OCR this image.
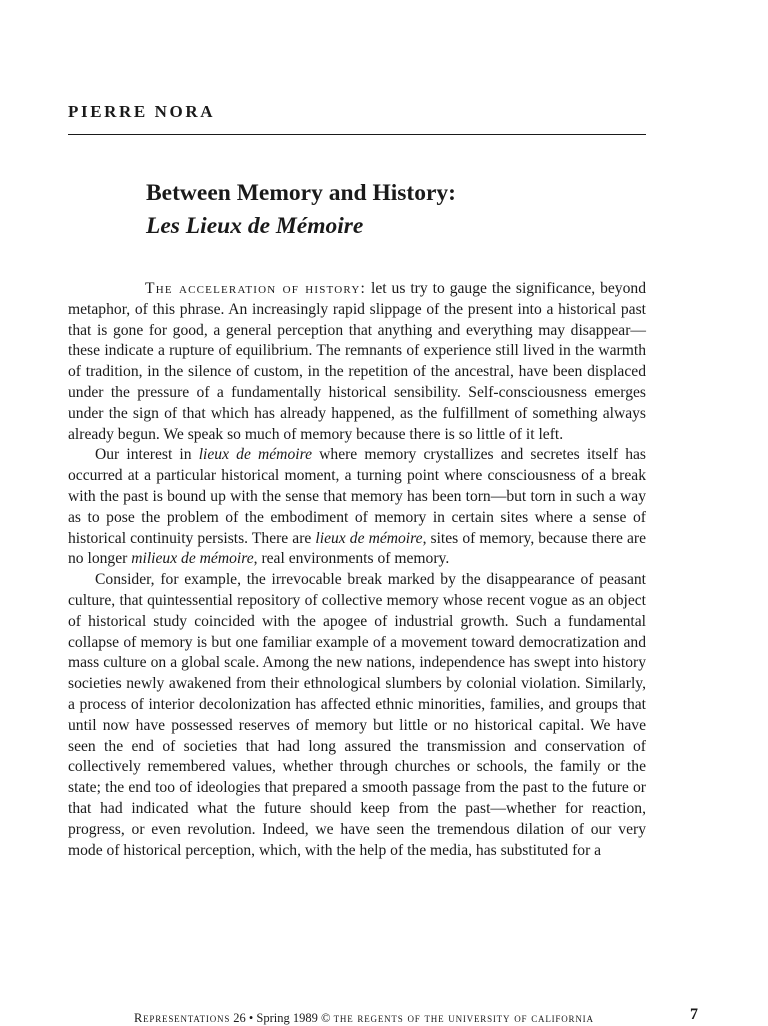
PIERRE NORA
Between Memory and History:
Les Lieux de Mémoire

The acceleration of history: let us try to gauge the significance, beyond metaphor, of this phrase. An increasingly rapid slippage of the present into a historical past that is gone for good, a general perception that anything and everything may disappear—these indicate a rupture of equilibrium. The remnants of experience still lived in the warmth of tradition, in the silence of custom, in the repetition of the ancestral, have been displaced under the pressure of a fundamentally historical sensibility. Self-consciousness emerges under the sign of that which has already happened, as the fulfillment of something always already begun. We speak so much of memory because there is so little of it left.

Our interest in lieux de mémoire where memory crystallizes and secretes itself has occurred at a particular historical moment, a turning point where consciousness of a break with the past is bound up with the sense that memory has been torn—but torn in such a way as to pose the problem of the embodiment of memory in certain sites where a sense of historical continuity persists. There are lieux de mémoire, sites of memory, because there are no longer milieux de mémoire, real environments of memory.

Consider, for example, the irrevocable break marked by the disappearance of peasant culture, that quintessential repository of collective memory whose recent vogue as an object of historical study coincided with the apogee of industrial growth. Such a fundamental collapse of memory is but one familiar example of a movement toward democratization and mass culture on a global scale. Among the new nations, independence has swept into history societies newly awakened from their ethnological slumbers by colonial violation. Similarly, a process of interior decolonization has affected ethnic minorities, families, and groups that until now have possessed reserves of memory but little or no historical capital. We have seen the end of societies that had long assured the transmission and conservation of collectively remembered values, whether through churches or schools, the family or the state; the end too of ideologies that prepared a smooth passage from the past to the future or that had indicated what the future should keep from the past—whether for reaction, progress, or even revolution. Indeed, we have seen the tremendous dilation of our very mode of historical perception, which, with the help of the media, has substituted for a

Representations 26 • Spring 1989 © the regents of the university of california	7
